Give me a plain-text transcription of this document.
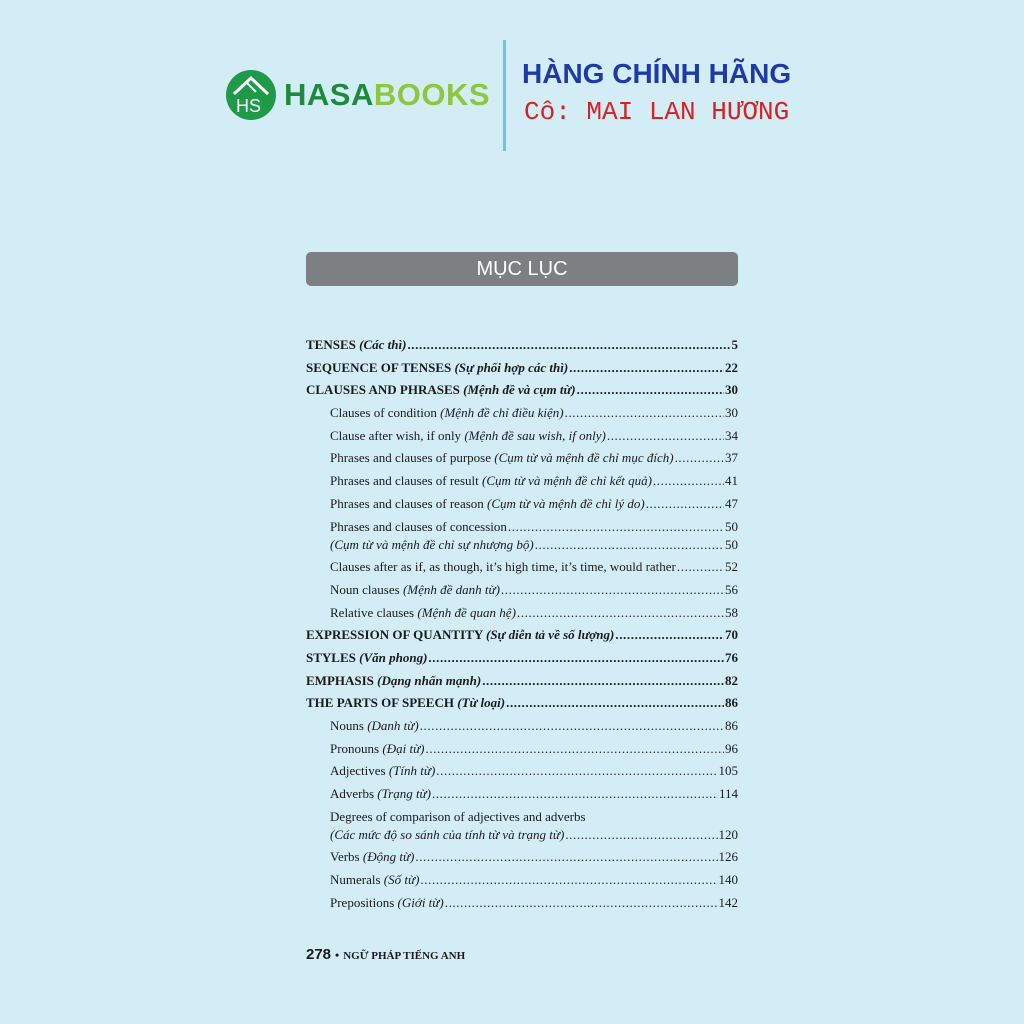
HS HASABOOKS
HÀNG CHÍNH HÃNG
Cô: MAI LAN HƯƠNG
MỤC LỤC
TENSES (Các thì) .....	5
SEQUENCE OF TENSES (Sự phối hợp các thì) .....	22
CLAUSES AND PHRASES (Mệnh đề và cụm từ) .....	30
Clauses of condition (Mệnh đề chỉ điều kiện) .....	30
Clause after wish, if only (Mệnh đề sau wish, if only) .....	34
Phrases and clauses of purpose (Cụm từ và mệnh đề chỉ mục đích) .....	37
Phrases and clauses of result (Cụm từ và mệnh đề chỉ kết quả) .....	41
Phrases and clauses of reason (Cụm từ và mệnh đề chỉ lý do) .....	47
Phrases and clauses of concession .....	50
(Cụm từ và mệnh đề chỉ sự nhượng bộ) .....	50
Clauses after as if, as though, it’s high time, it’s time, would rather .....	52
Noun clauses (Mệnh đề danh từ) .....	56
Relative clauses (Mệnh đề quan hệ) .....	58
EXPRESSION OF QUANTITY (Sự diễn tả về số lượng) .....	70
STYLES (Văn phong) .....	76
EMPHASIS (Dạng nhấn mạnh) .....	82
THE PARTS OF SPEECH (Từ loại) .....	86
Nouns (Danh từ) .....	86
Pronouns (Đại từ) .....	96
Adjectives (Tính từ) .....	105
Adverbs (Trạng từ) .....	114
Degrees of comparison of adjectives and adverbs
(Các mức độ so sánh của tính từ và trạng từ) .....	120
Verbs (Động từ) .....	126
Numerals (Số từ) .....	140
Prepositions (Giới từ) .....	142
278 • NGỮ PHÁP TIẾNG ANH
